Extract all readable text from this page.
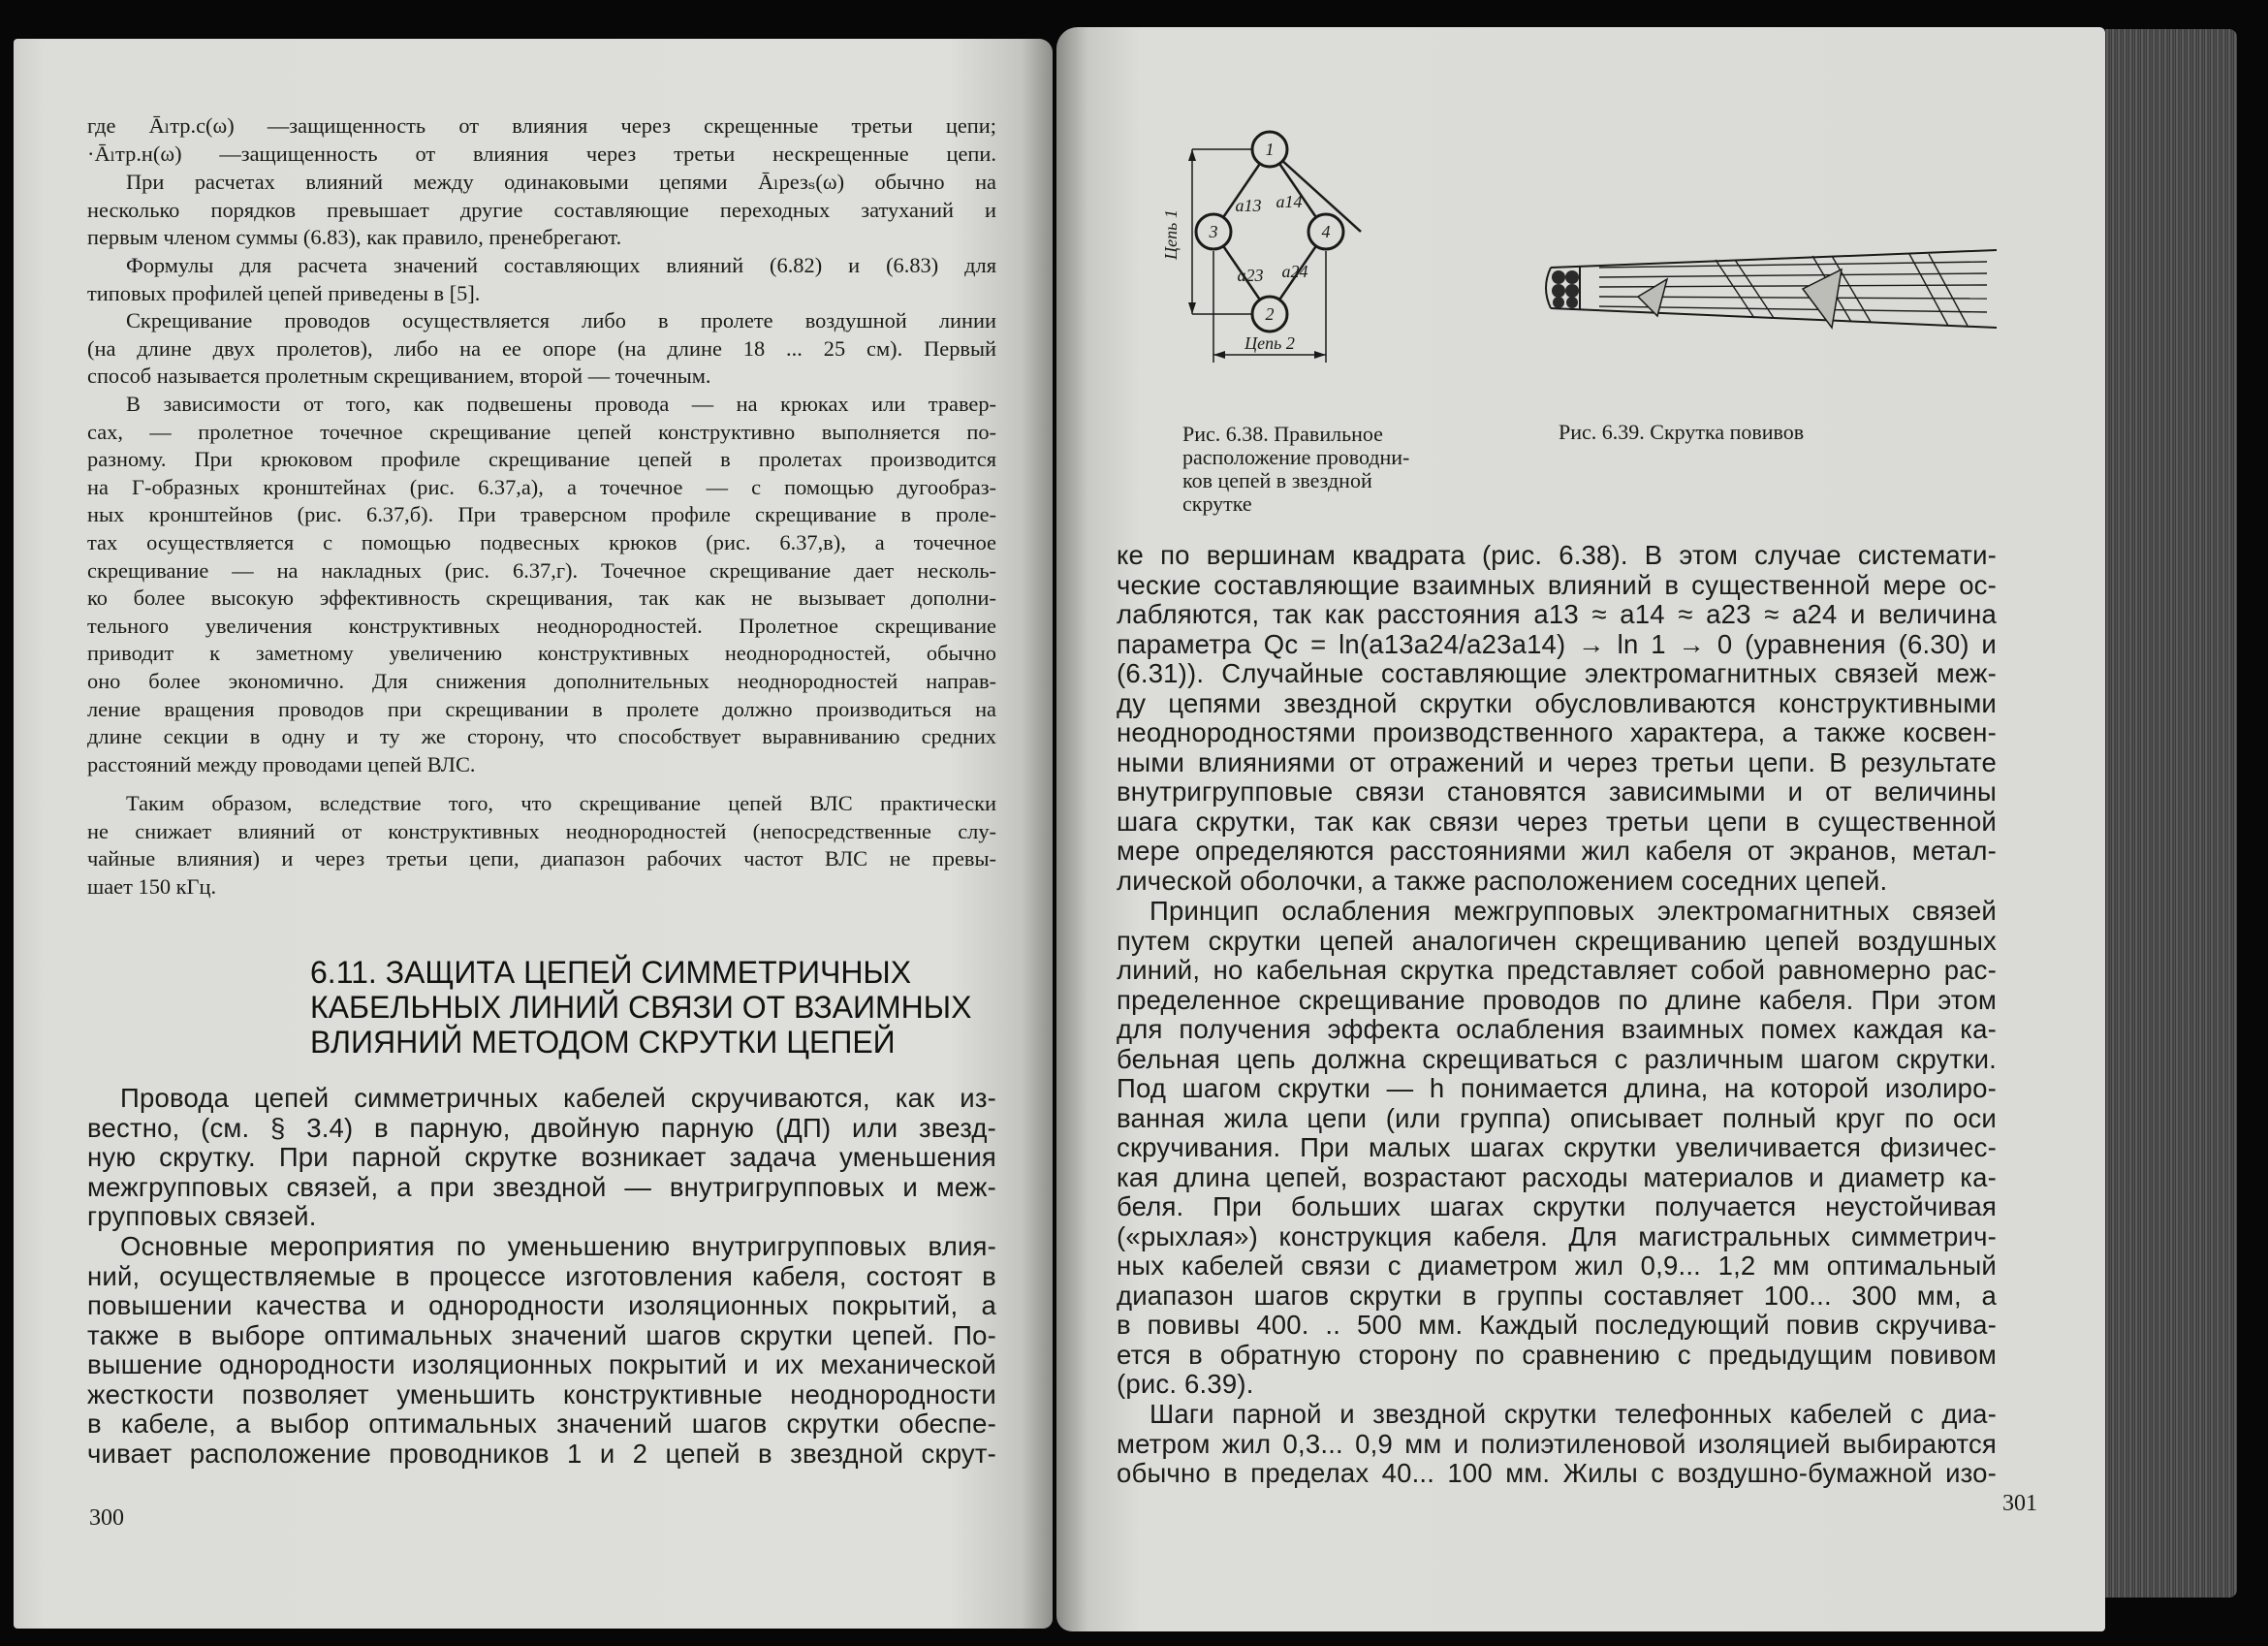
где Āₗтр.с(ω) —защищенность от влияния через скрещенные третьи цепи;
·Āₗтр.н(ω) —защищенность от влияния через третьи нескрещенные цепи.
При расчетах влияний между одинаковыми цепями Āₗрезₛ(ω) обычно на
несколько порядков превышает другие составляющие переходных затуханий и
первым членом суммы (6.83), как правило, пренебрегают.
Формулы для расчета значений составляющих влияний (6.82) и (6.83) для
типовых профилей цепей приведены в [5].
Скрещивание проводов осуществляется либо в пролете воздушной линии
(на длине двух пролетов), либо на ее опоре (на длине 18 ... 25 см). Первый
способ называется пролетным скрещиванием, второй — точечным.
В зависимости от того, как подвешены провода — на крюках или травер-
сах, — пролетное точечное скрещивание цепей конструктивно выполняется по-
разному. При крюковом профиле скрещивание цепей в пролетах производится
на Г-образных кронштейнах (рис. 6.37,а), а точечное — с помощью дугообраз-
ных кронштейнов (рис. 6.37,б). При траверсном профиле скрещивание в проле-
тах осуществляется с помощью подвесных крюков (рис. 6.37,в), а точечное
скрещивание — на накладных (рис. 6.37,г). Точечное скрещивание дает несколь-
ко более высокую эффективность скрещивания, так как не вызывает дополни-
тельного увеличения конструктивных неоднородностей. Пролетное скрещивание
приводит к заметному увеличению конструктивных неоднородностей, обычно
оно более экономично. Для снижения дополнительных неоднородностей направ-
ление вращения проводов при скрещивании в пролете должно производиться на
длине секции в одну и ту же сторону, что способствует выравниванию средних
расстояний между проводами цепей ВЛС.
Таким образом, вследствие того, что скрещивание цепей ВЛС практически
не снижает влияний от конструктивных неоднородностей (непосредственные слу-
чайные влияния) и через третьи цепи, диапазон рабочих частот ВЛС не превы-
шает 150 кГц.
6.11. ЗАЩИТА ЦЕПЕЙ СИММЕТРИЧНЫХ
КАБЕЛЬНЫХ ЛИНИЙ СВЯЗИ ОТ ВЗАИМНЫХ
ВЛИЯНИЙ МЕТОДОМ СКРУТКИ ЦЕПЕЙ
Провода цепей симметричных кабелей скручиваются, как из-
вестно, (см. § 3.4) в парную, двойную парную (ДП) или звезд-
ную скрутку. При парной скрутке возникает задача уменьшения
межгрупповых связей, а при звездной — внутригрупповых и меж-
групповых связей.
Основные мероприятия по уменьшению внутригрупповых влия-
ний, осуществляемые в процессе изготовления кабеля, состоят в
повышении качества и однородности изоляционных покрытий, а
также в выборе оптимальных значений шагов скрутки цепей. По-
вышение однородности изоляционных покрытий и их механической
жесткости позволяет уменьшить конструктивные неоднородности
в кабеле, а выбор оптимальных значений шагов скрутки обеспе-
чивает расположение проводников 1 и 2 цепей в звездной скрут-
300
1
2
3	4
a13 a14
a23 a24
Цепь 2
Цепь 1
Рис. 6.38. Правильное
расположение проводни-
ков цепей в звездной
скрутке
Рис. 6.39. Скрутка повивов
ке по вершинам квадрата (рис. 6.38). В этом случае системати-
ческие составляющие взаимных влияний в существенной мере ос-
лабляются, так как расстояния a13 ≈ a14 ≈ a23 ≈ a24 и величина
параметра Qc = ln(a13a24/a23a14) → ln 1 → 0 (уравнения (6.30) и
(6.31)). Случайные составляющие электромагнитных связей меж-
ду цепями звездной скрутки обусловливаются конструктивными
неоднородностями производственного характера, а также косвен-
ными влияниями от отражений и через третьи цепи. В результате
внутригрупповые связи становятся зависимыми и от величины
шага скрутки, так как связи через третьи цепи в существенной
мере определяются расстояниями жил кабеля от экранов, метал-
лической оболочки, а также расположением соседних цепей.
Принцип ослабления межгрупповых электромагнитных связей
путем скрутки цепей аналогичен скрещиванию цепей воздушных
линий, но кабельная скрутка представляет собой равномерно рас-
пределенное скрещивание проводов по длине кабеля. При этом
для получения эффекта ослабления взаимных помех каждая ка-
бельная цепь должна скрещиваться с различным шагом скрутки.
Под шагом скрутки — h понимается длина, на которой изолиро-
ванная жила цепи (или группа) описывает полный круг по оси
скручивания. При малых шагах скрутки увеличивается физичес-
кая длина цепей, возрастают расходы материалов и диаметр ка-
беля. При больших шагах скрутки получается неустойчивая
(«рыхлая») конструкция кабеля. Для магистральных симметрич-
ных кабелей связи с диаметром жил 0,9... 1,2 мм оптимальный
диапазон шагов скрутки в группы составляет 100... 300 мм, а
в повивы 400. .. 500 мм. Каждый последующий повив скручива-
ется в обратную сторону по сравнению с предыдущим повивом
(рис. 6.39).
Шаги парной и звездной скрутки телефонных кабелей с диа-
метром жил 0,3... 0,9 мм и полиэтиленовой изоляцией выбираются
обычно в пределах 40... 100 мм. Жилы с воздушно-бумажной изо-
301
